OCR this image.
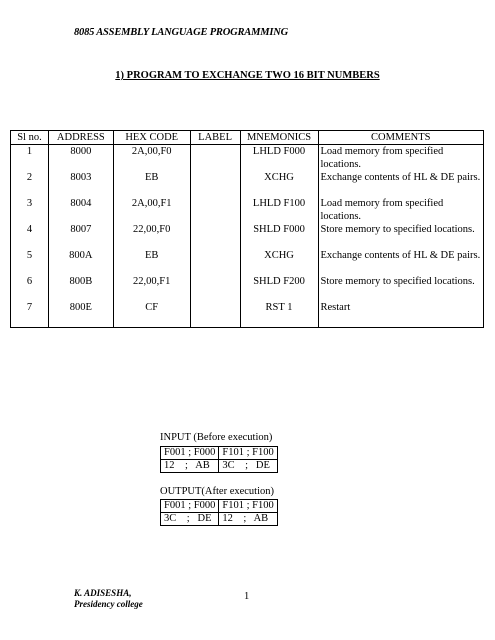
8085 ASSEMBLY LANGUAGE PROGRAMMING
1) PROGRAM TO EXCHANGE TWO 16 BIT NUMBERS
Sl no.	ADDRESS	HEX CODE	LABEL	MNEMONICS	COMMENTS
1	8000	2A,00,F0		LHLD F000	Load memory from specified locations.
2	8003	EB		XCHG	Exchange contents of HL & DE pairs.
3	8004	2A,00,F1		LHLD F100	Load memory from specified locations.
4	8007	22,00,F0		SHLD F000	Store memory to specified locations.
5	800A	EB		XCHG	Exchange contents of HL & DE pairs.
6	800B	22,00,F1		SHLD F200	Store memory to specified locations.
7	800E	CF		RST 1	Restart
INPUT (Before execution)
F001 ; F000	F101 ; F100
12    ;   AB	3C    ;   DE
OUTPUT(After execution)
F001 ; F000	F101 ; F100
3C    ;   DE	12    ;   AB
K. ADISESHA,
Presidency college
1
